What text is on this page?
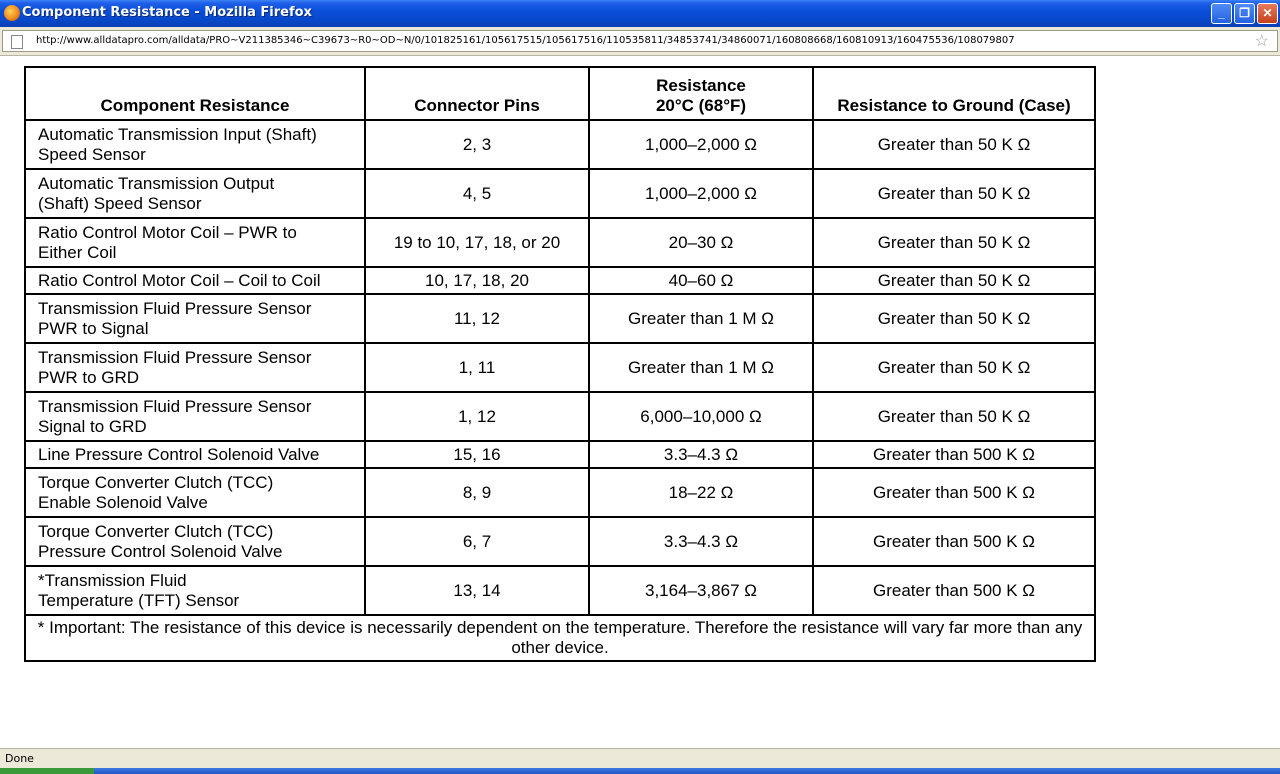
Component Resistance - Mozilla Firefox	_	❐	✕
http://www.alldatapro.com/alldata/PRO~V211385346~C39673~R0~OD~N/0/101825161/105617515/105617516/110535811/34853741/34860071/160808668/160810913/160475536/108079807	☆
Component Resistance	Connector Pins	Resistance
20°C (68°F)	Resistance to Ground (Case)
Automatic Transmission Input (Shaft)
Speed Sensor	2, 3	1,000–2,000 Ω	Greater than 50 K Ω
Automatic Transmission Output
(Shaft) Speed Sensor	4, 5	1,000–2,000 Ω	Greater than 50 K Ω
Ratio Control Motor Coil – PWR to
Either Coil	19 to 10, 17, 18, or 20	20–30 Ω	Greater than 50 K Ω
Ratio Control Motor Coil – Coil to Coil	10, 17, 18, 20	40–60 Ω	Greater than 50 K Ω
Transmission Fluid Pressure Sensor
PWR to Signal	11, 12	Greater than 1 M Ω	Greater than 50 K Ω
Transmission Fluid Pressure Sensor
PWR to GRD	1, 11	Greater than 1 M Ω	Greater than 50 K Ω
Transmission Fluid Pressure Sensor
Signal to GRD	1, 12	6,000–10,000 Ω	Greater than 50 K Ω
Line Pressure Control Solenoid Valve	15, 16	3.3–4.3 Ω	Greater than 500 K Ω
Torque Converter Clutch (TCC)
Enable Solenoid Valve	8, 9	18–22 Ω	Greater than 500 K Ω
Torque Converter Clutch (TCC)
Pressure Control Solenoid Valve	6, 7	3.3–4.3 Ω	Greater than 500 K Ω
*Transmission Fluid
Temperature (TFT) Sensor	13, 14	3,164–3,867 Ω	Greater than 500 K Ω
* Important: The resistance of this device is necessarily dependent on the temperature. Therefore the resistance will vary far more than any other device.			
Done
